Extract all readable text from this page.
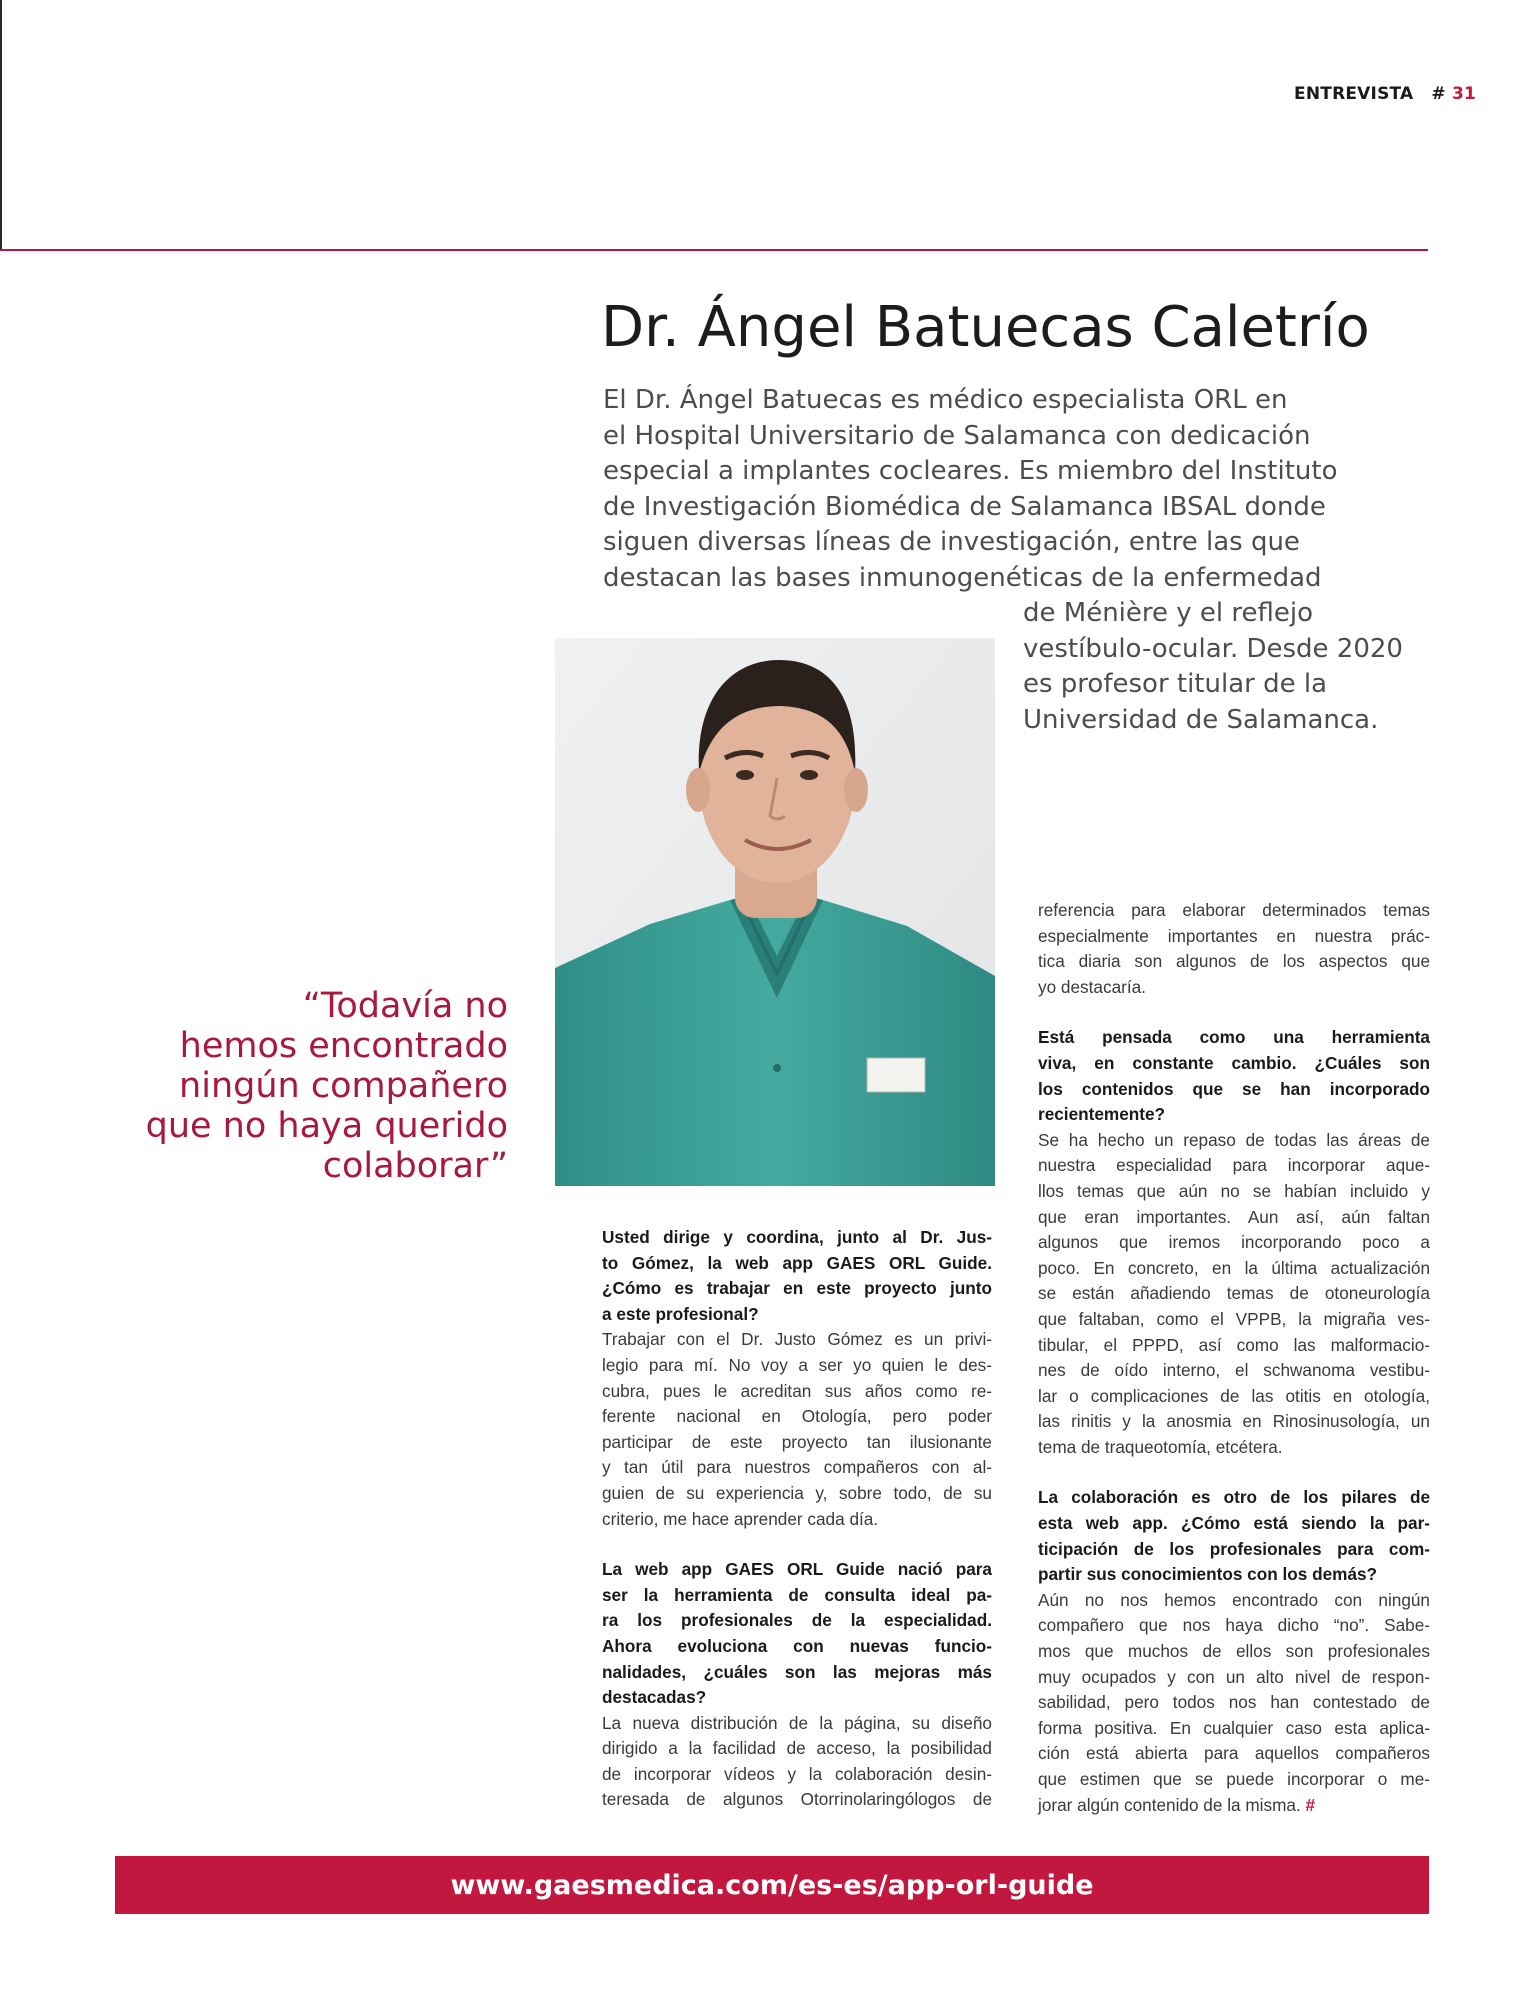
ENTREVISTA # 31
Dr. Ángel Batuecas Caletrío
El Dr. Ángel Batuecas es médico especialista ORL en
el Hospital Universitario de Salamanca con dedicación
especial a implantes cocleares. Es miembro del Instituto
de Investigación Biomédica de Salamanca IBSAL donde
siguen diversas líneas de investigación, entre las que
destacan las bases inmunogenéticas de la enfermedad
de Ménière y el reflejo
vestíbulo-ocular. Desde 2020
es profesor titular de la
Universidad de Salamanca.
“Todavía no
hemos encontrado
ningún compañero
que no haya querido
colaborar”

Usted dirige y coordina, junto al Dr. Jus-
to Gómez, la web app GAES ORL Guide.
¿Cómo es trabajar en este proyecto junto
a este profesional?

Trabajar con el Dr. Justo Gómez es un privi-
legio para mí. No voy a ser yo quien le des-
cubra, pues le acreditan sus años como re-
ferente nacional en Otología, pero poder
participar de este proyecto tan ilusionante
y tan útil para nuestros compañeros con al-
guien de su experiencia y, sobre todo, de su
criterio, me hace aprender cada día.

La web app GAES ORL Guide nació para
ser la herramienta de consulta ideal pa-
ra los profesionales de la especialidad.
Ahora evoluciona con nuevas funcio-
nalidades, ¿cuáles son las mejoras más
destacadas?

La nueva distribución de la página, su diseño
dirigido a la facilidad de acceso, la posibilidad
de incorporar vídeos y la colaboración desin-
teresada de algunos Otorrinolaringólogos de

referencia para elaborar determinados temas
especialmente importantes en nuestra prác-
tica diaria son algunos de los aspectos que
yo destacaría.

Está pensada como una herramienta
viva, en constante cambio. ¿Cuáles son
los contenidos que se han incorporado
recientemente?

Se ha hecho un repaso de todas las áreas de
nuestra especialidad para incorporar aque-
llos temas que aún no se habían incluido y
que eran importantes. Aun así, aún faltan
algunos que iremos incorporando poco a
poco. En concreto, en la última actualización
se están añadiendo temas de otoneurología
que faltaban, como el VPPB, la migraña ves-
tibular, el PPPD, así como las malformacio-
nes de oído interno, el schwanoma vestibu-
lar o complicaciones de las otitis en otología,
las rinitis y la anosmia en Rinosinusología, un
tema de traqueotomía, etcétera.

La colaboración es otro de los pilares de
esta web app. ¿Cómo está siendo la par-
ticipación de los profesionales para com-
partir sus conocimientos con los demás?

Aún no nos hemos encontrado con ningún
compañero que nos haya dicho “no”. Sabe-
mos que muchos de ellos son profesionales
muy ocupados y con un alto nivel de respon-
sabilidad, pero todos nos han contestado de
forma positiva. En cualquier caso esta aplica-
ción está abierta para aquellos compañeros
que estimen que se puede incorporar o me-
jorar algún contenido de la misma. #

www.gaesmedica.com/es-es/app-orl-guide
